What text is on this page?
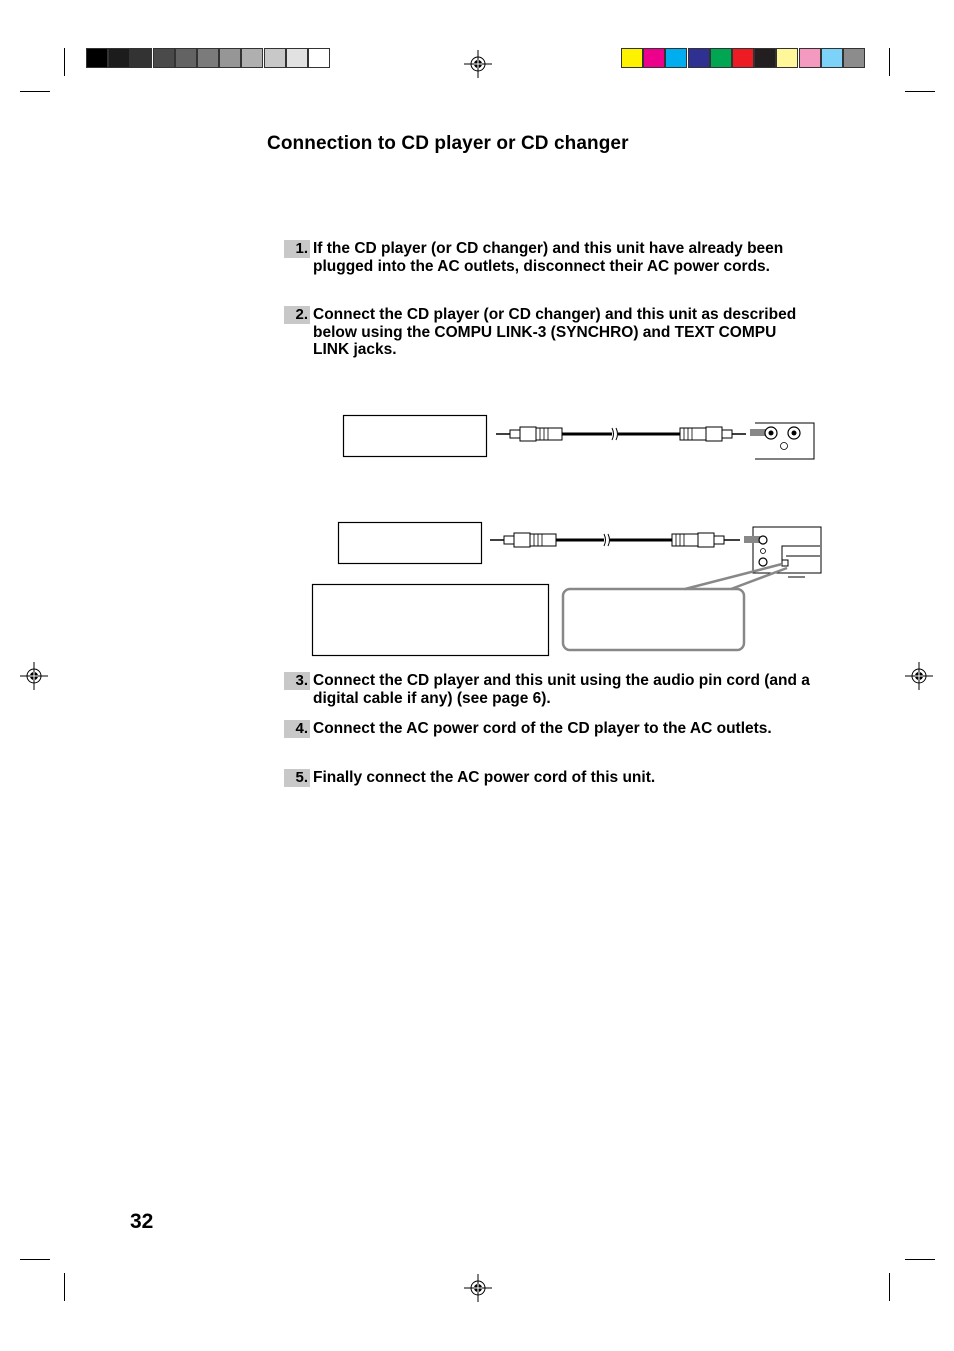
Connection to CD player or CD changer
1. If the CD player (or CD changer) and this unit have already been plugged into the AC outlets, disconnect their AC power cords.
2. Connect the CD player (or CD changer) and this unit as described below using the COMPU LINK-3 (SYNCHRO) and TEXT COMPU LINK jacks.
3. Connect the CD player and this unit using the audio pin cord (and a digital cable if any) (see page 6).
4. Connect the AC power cord of the CD player to the AC outlets.
5. Finally connect the AC power cord of this unit.
32
